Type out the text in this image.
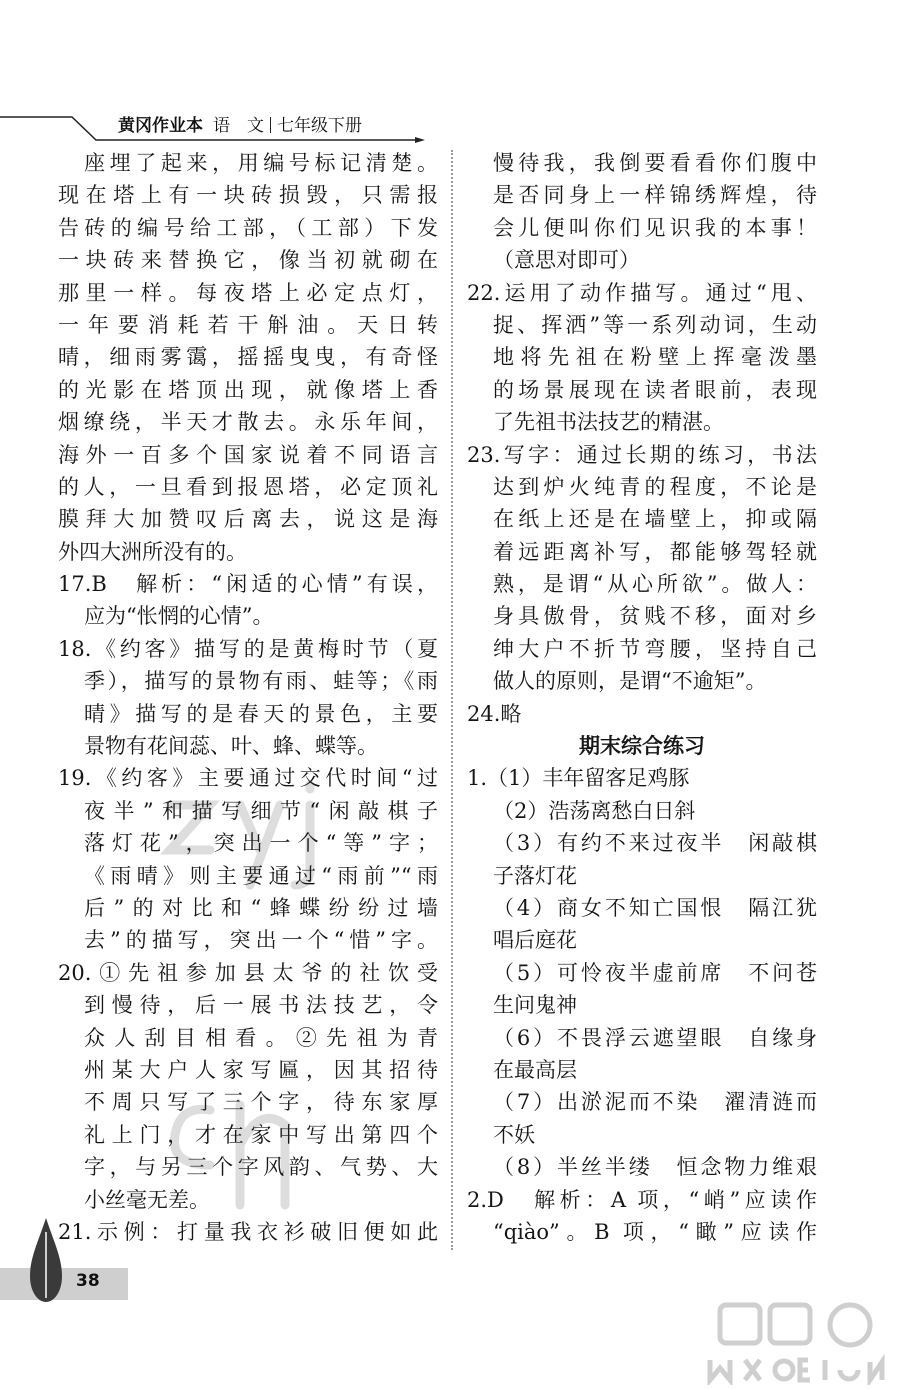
黄冈作业本 语　文 七年级下册
座埋了起来，用编号标记清楚。
现在塔上有一块砖损毁，只需报
告砖的编号给工部，（工部）下发
一块砖来替换它，像当初就砌在
那里一样。每夜塔上必定点灯，
一年要消耗若干斛油。天日转
晴，细雨雾霭，摇摇曳曳，有奇怪
的光影在塔顶出现，就像塔上香
烟缭绕，半天才散去。永乐年间，
海外一百多个国家说着不同语言
的人，一旦看到报恩塔，必定顶礼
膜拜大加赞叹后离去，说这是海
外四大洲所没有的。
17.B　解析：“闲适的心情”有误，
应为“怅惘的心情”。
18.《约客》描写的是黄梅时节（夏
季），描写的景物有雨、蛙等；《雨
晴》描写的是春天的景色，主要
景物有花间蕊、叶、蜂、蝶等。
19.《约客》主要通过交代时间“过
夜半”和描写细节“闲敲棋子
落灯花”，突出一个“等”字；
《雨晴》则主要通过“雨前”“雨
后”的对比和“蜂蝶纷纷过墙
去”的描写，突出一个“惜”字。
20.①先祖参加县太爷的社饮受
到慢待，后一展书法技艺，令
众人刮目相看。②先祖为青
州某大户人家写匾，因其招待
不周只写了三个字，待东家厚
礼上门，才在家中写出第四个
字，与另三个字风韵、气势、大
小丝毫无差。
21.示例：打量我衣衫破旧便如此
慢待我，我倒要看看你们腹中
是否同身上一样锦绣辉煌，待
会儿便叫你们见识我的本事！
（意思对即可）
22.运用了动作描写。通过“甩、
捉、挥洒”等一系列动词，生动
地将先祖在粉壁上挥毫泼墨
的场景展现在读者眼前，表现
了先祖书法技艺的精湛。
23.写字：通过长期的练习，书法
达到炉火纯青的程度，不论是
在纸上还是在墙壁上，抑或隔
着远距离补写，都能够驾轻就
熟，是谓“从心所欲”。做人：
身具傲骨，贫贱不移，面对乡
绅大户不折节弯腰，坚持自己
做人的原则，是谓“不逾矩”。
24.略
期末综合练习
1.（1）丰年留客足鸡豚
（2）浩荡离愁白日斜
（3）有约不来过夜半　闲敲棋
子落灯花
（4）商女不知亡国恨　隔江犹
唱后庭花
（5）可怜夜半虚前席　不问苍
生问鬼神
（6）不畏浮云遮望眼　自缘身
在最高层
（7）出淤泥而不染　濯清涟而
不妖
（8）半丝半缕　恒念物力维艰
2.D　解析：A 项，“峭”应读作
“qiào”。B 项，“瞰”应读作
38
